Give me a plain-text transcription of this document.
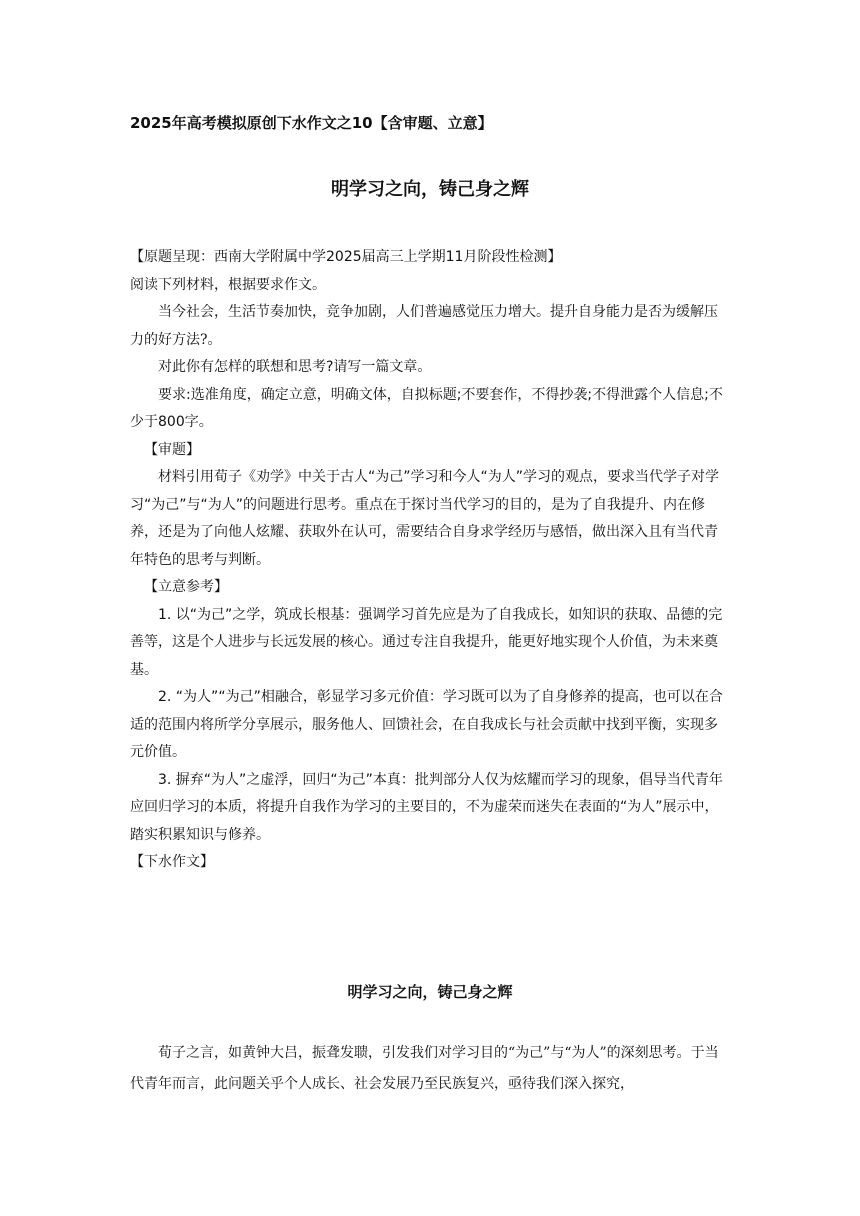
2025年高考模拟原创下水作文之10【含审题、立意】
明学习之向，铸己身之辉

【原题呈现：西南大学附属中学2025届高三上学期11月阶段性检测】

阅读下列材料，根据要求作文。

当今社会，生活节奏加快，竞争加剧，人们普遍感觉压力增大。提升自身能力是否为缓解压力的好方法?。

对此你有怎样的联想和思考?请写一篇文章。

要求:选准角度，确定立意，明确文体，自拟标题;不要套作，不得抄袭;不得泄露个人信息;不少于800字。

【审题】

材料引用荀子《劝学》中关于古人“为己”学习和今人“为人”学习的观点，要求当代学子对学习“为己”与“为人”的问题进行思考。重点在于探讨当代学习的目的，是为了自我提升、内在修养，还是为了向他人炫耀、获取外在认可，需要结合自身求学经历与感悟，做出深入且有当代青年特色的思考与判断。

【立意参考】

1. 以“为己”之学，筑成长根基：强调学习首先应是为了自我成长，如知识的获取、品德的完善等，这是个人进步与长远发展的核心。通过专注自我提升，能更好地实现个人价值，为未来奠基。

2. “为人”“为己”相融合，彰显学习多元价值：学习既可以为了自身修养的提高，也可以在合适的范围内将所学分享展示，服务他人、回馈社会，在自我成长与社会贡献中找到平衡，实现多元价值。

3. 摒弃“为人”之虚浮，回归“为己”本真：批判部分人仅为炫耀而学习的现象，倡导当代青年应回归学习的本质，将提升自我作为学习的主要目的，不为虚荣而迷失在表面的“为人”展示中，踏实积累知识与修养。

【下水作文】

明学习之向，铸己身之辉

荀子之言，如黄钟大吕，振聋发聩，引发我们对学习目的“为己”与“为人”的深刻思考。于当代青年而言，此问题关乎个人成长、社会发展乃至民族复兴，亟待我们深入探究，
